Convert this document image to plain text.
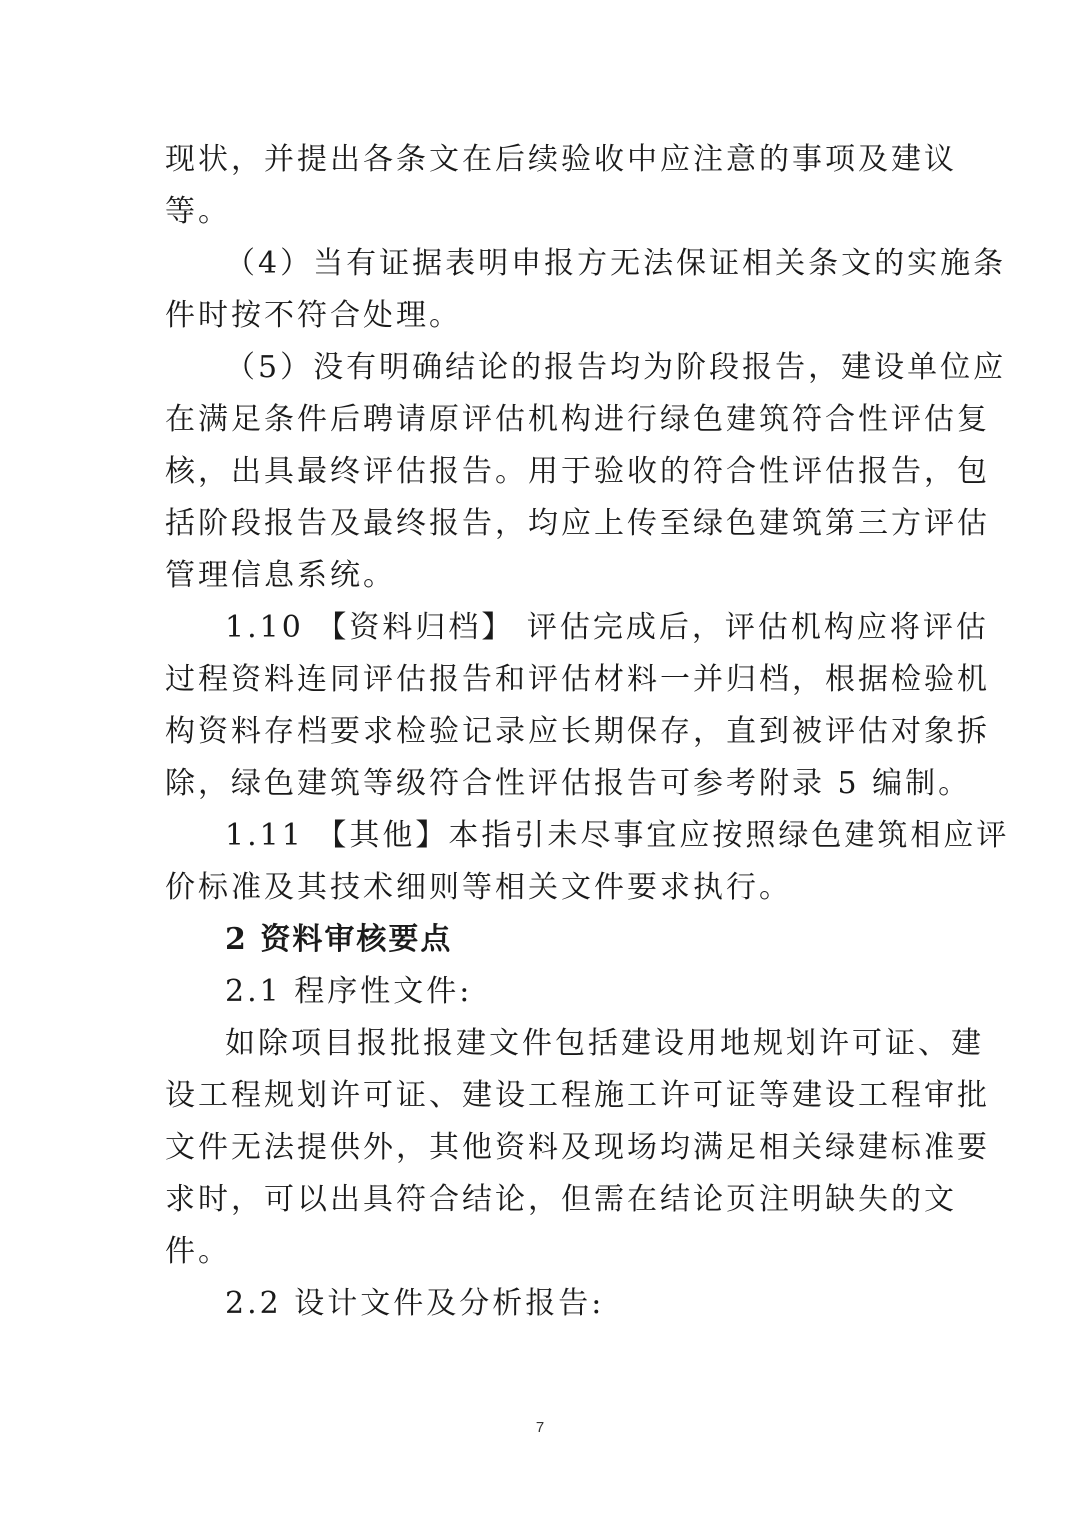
现状，并提出各条文在后续验收中应注意的事项及建议
等。
（4）当有证据表明申报方无法保证相关条文的实施条
件时按不符合处理。
（5）没有明确结论的报告均为阶段报告，建设单位应
在满足条件后聘请原评估机构进行绿色建筑符合性评估复
核，出具最终评估报告。用于验收的符合性评估报告，包
括阶段报告及最终报告，均应上传至绿色建筑第三方评估
管理信息系统。
1.10 【资料归档】 评估完成后，评估机构应将评估
过程资料连同评估报告和评估材料一并归档，根据检验机
构资料存档要求检验记录应长期保存，直到被评估对象拆
除，绿色建筑等级符合性评估报告可参考附录 5 编制。
1.11 【其他】本指引未尽事宜应按照绿色建筑相应评
价标准及其技术细则等相关文件要求执行。
2 资料审核要点
2.1 程序性文件:
如除项目报批报建文件包括建设用地规划许可证、建
设工程规划许可证、建设工程施工许可证等建设工程审批
文件无法提供外，其他资料及现场均满足相关绿建标准要
求时，可以出具符合结论，但需在结论页注明缺失的文
件。
2.2 设计文件及分析报告:
7
